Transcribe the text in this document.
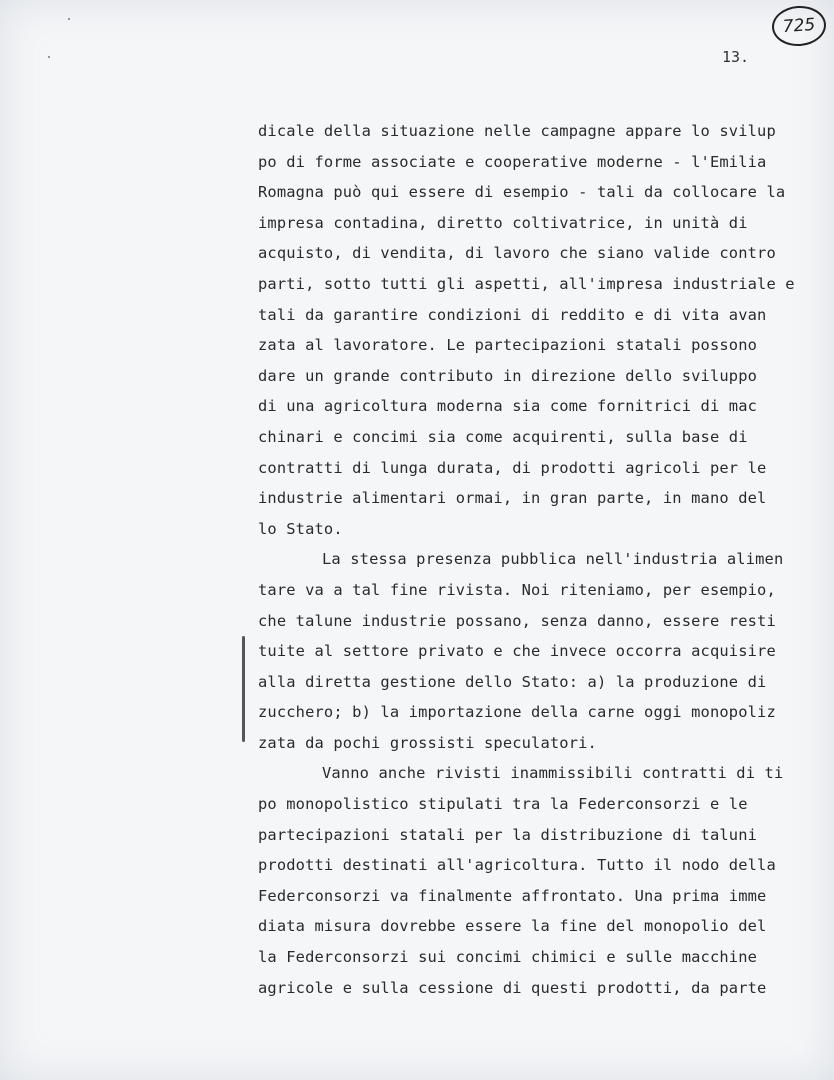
725
13.
dicale della situazione nelle campagne appare lo svilup
po di forme associate e cooperative moderne - l'Emilia
Romagna può qui essere di esempio - tali da collocare la
impresa contadina, diretto coltivatrice, in unità di
acquisto, di vendita, di lavoro che siano valide contro
parti, sotto tutti gli aspetti, all'impresa industriale e
tali da garantire condizioni di reddito e di vita avan
zata al lavoratore. Le partecipazioni statali possono
dare un grande contributo in direzione dello sviluppo
di una agricoltura moderna sia come fornitrici di mac
chinari e concimi sia come acquirenti, sulla base di
contratti di lunga durata, di prodotti agricoli per le
industrie alimentari ormai, in gran parte, in mano del
lo Stato.
La stessa presenza pubblica nell'industria alimen
tare va a tal fine rivista. Noi riteniamo, per esempio,
che talune industrie possano, senza danno, essere resti
tuite al settore privato e che invece occorra acquisire
alla diretta gestione dello Stato: a) la produzione di
zucchero; b) la importazione della carne oggi monopoliz
zata da pochi grossisti speculatori.
Vanno anche rivisti inammissibili contratti di ti
po monopolistico stipulati tra la Federconsorzi e le
partecipazioni statali per la distribuzione di taluni
prodotti destinati all'agricoltura. Tutto il nodo della
Federconsorzi va finalmente affrontato. Una prima imme
diata misura dovrebbe essere la fine del monopolio del
la Federconsorzi sui concimi chimici e sulle macchine
agricole e sulla cessione di questi prodotti, da parte
